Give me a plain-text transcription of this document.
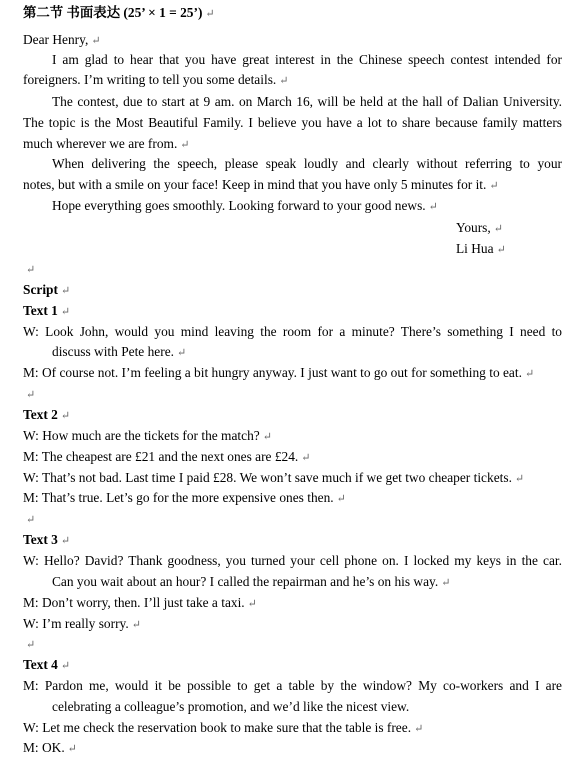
第二节 书面表达 (25’ × 1 = 25’) ↵
Dear Henry, ↵
I am glad to hear that you have great interest in the Chinese speech contest intended for
foreigners. I’m writing to tell you some details. ↵
The contest, due to start at 9 am. on March 16, will be held at the hall of Dalian University.
The topic is the Most Beautiful Family. I believe you have a lot to share because family matters
much wherever we are from. ↵
When delivering the speech, please speak loudly and clearly without referring to your
notes, but with a smile on your face! Keep in mind that you have only 5 minutes for it. ↵
Hope everything goes smoothly. Looking forward to your good news. ↵
Yours, ↵
Li Hua ↵
↵
Script ↵
Text 1 ↵
W: Look John, would you mind leaving the room for a minute? There’s something I need to
discuss with Pete here. ↵
M: Of course not. I’m feeling a bit hungry anyway. I just want to go out for something to eat. ↵
↵
Text 2 ↵
W: How much are the tickets for the match? ↵
M: The cheapest are £21 and the next ones are £24. ↵
W: That’s not bad. Last time I paid £28. We won’t save much if we get two cheaper tickets. ↵
M: That’s true. Let’s go for the more expensive ones then. ↵
↵
Text 3 ↵
W: Hello? David? Thank goodness, you turned your cell phone on. I locked my keys in the car.
Can you wait about an hour? I called the repairman and he’s on his way. ↵
M: Don’t worry, then. I’ll just take a taxi. ↵
W: I’m really sorry. ↵
↵
Text 4 ↵
M: Pardon me, would it be possible to get a table by the window? My co-workers and I are
celebrating a colleague’s promotion, and we’d like the nicest view.
W: Let me check the reservation book to make sure that the table is free. ↵
M: OK. ↵
